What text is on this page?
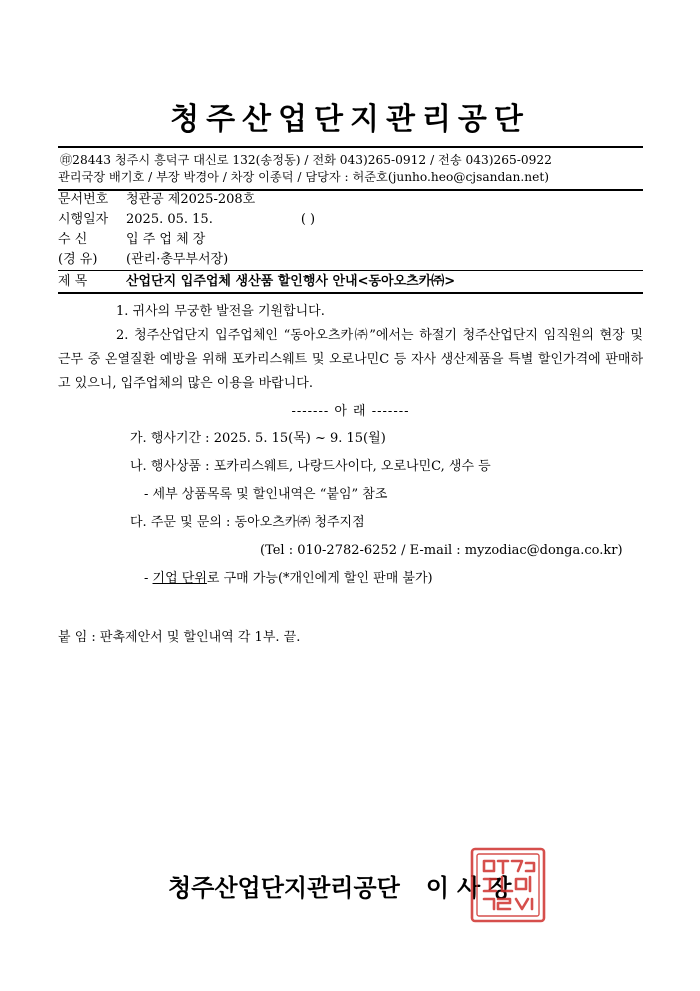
청주산업단지관리공단
㊞28443 청주시 흥덕구 대신로 132(송정동) / 전화 043)265-0912 / 전송 043)265-0922
관리국장 배기호 / 부장 박경아 / 차장 이종덕 / 담당자 : 허준호(junho.heo@cjsandan.net)
문서번호	청관공 제2025-208호
시행일자	2025. 05. 15.	( )
수 신	입 주 업 체 장
(경 유)	(관리·총무부서장)
제 목	산업단지 입주업체 생산품 할인행사 안내<동아오츠카㈜>
1. 귀사의 무궁한 발전을 기원합니다.
2. 청주산업단지 입주업체인 “동아오츠카㈜”에서는 하절기 청주산업단지 임직원의 현장 및 근무 중 온열질환 예방을 위해 포카리스웨트 및 오로나민C 등 자사 생산제품을 특별 할인가격에 판매하고 있으니, 입주업체의 많은 이용을 바랍니다.
------- 아 래 -------
가. 행사기간 : 2025. 5. 15(목) ~ 9. 15(월)
나. 행사상품 : 포카리스웨트, 나랑드사이다, 오로나민C, 생수 등
- 세부 상품목록 및 할인내역은 “붙임” 참조
다. 주문 및 문의 : 동아오츠카㈜ 청주지점
(Tel : 010-2782-6252 / E-mail : myzodiac@donga.co.kr)
- 기업 단위로 구매 가능(*개인에게 할인 판매 불가)
붙 임 : 판촉제안서 및 할인내역 각 1부. 끝.
청주산업단지관리공단 이사장
